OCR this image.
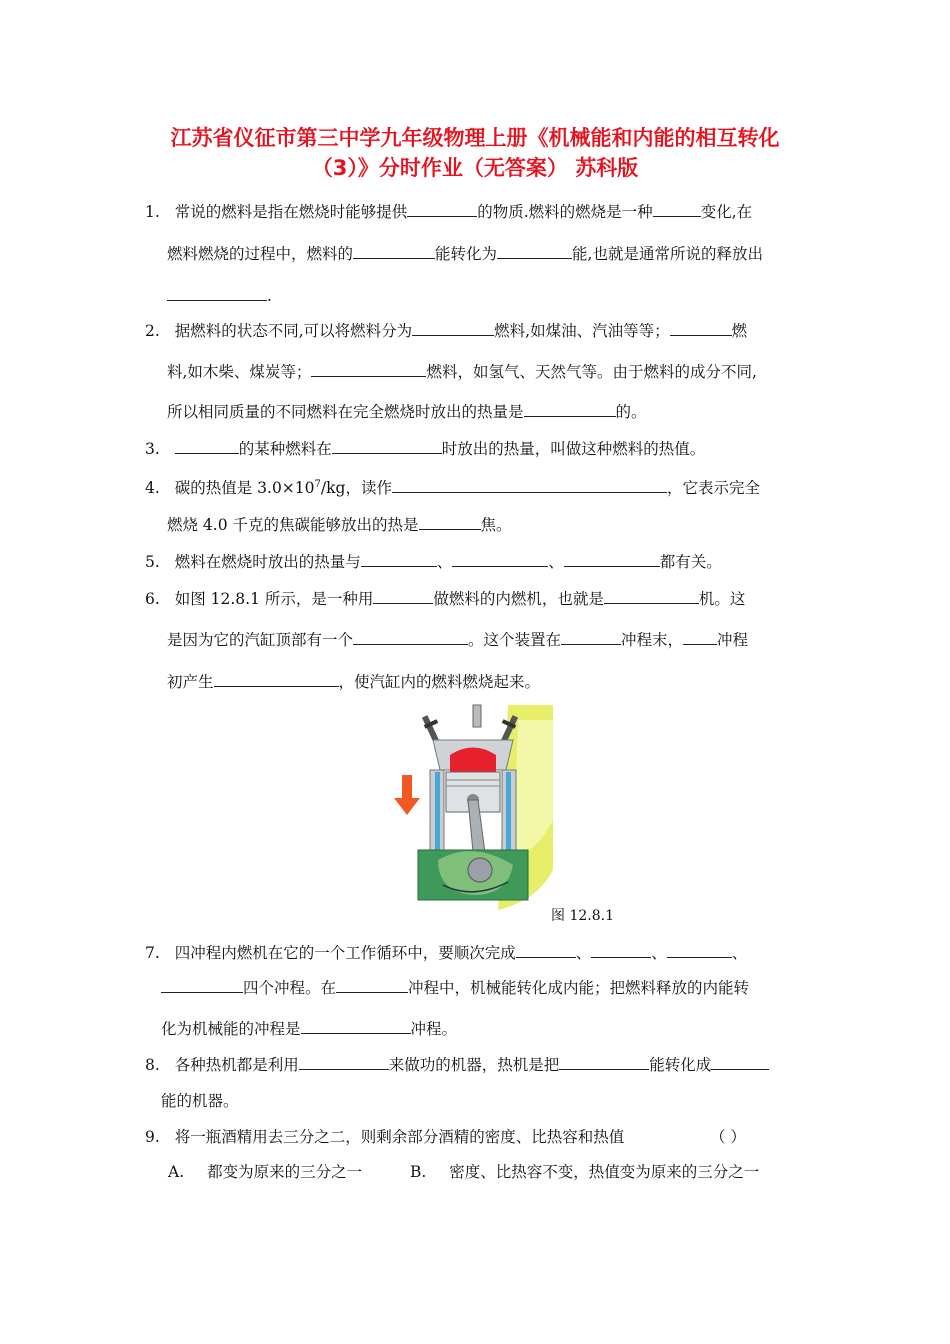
江苏省仪征市第三中学九年级物理上册《机械能和内能的相互转化
（3）》分时作业（无答案） 苏科版
1. 常说的燃料是指在燃烧时能够提供	的物质.燃料的燃烧是一种	变化,在
燃料燃烧的过程中，燃料的	能转化为	能,也就是通常所说的释放出
.
2. 据燃料的状态不同,可以将燃料分为	燃料,如煤油、汽油等等；	燃
料,如木柴、煤炭等；	燃料，如氢气、天然气等。由于燃料的成分不同,
所以相同质量的不同燃料在完全燃烧时放出的热量是	的。
3.	的某种燃料在	时放出的热量，叫做这种燃料的热值。
4. 碳的热值是 $3.0\times 10^7/kg$，读作	，它表示完全
燃烧 4.0 千克的焦碳能够放出的热是	焦。
5. 燃料在燃烧时放出的热量与	、	、	都有关。
6. 如图 12.8.1 所示，是一种用	做燃料的内燃机，也就是	机。这
是因为它的汽缸顶部有一个	。这个装置在	冲程末， 冲程
初产生	，使汽缸内的燃料燃烧起来。
图 12.8.1
7. 四冲程内燃机在它的一个工作循环中，要顺次完成	、	、	、
四个冲程。在	冲程中，机械能转化成内能；把燃料释放的内能转
化为机械能的冲程是	冲程。
8. 各种热机都是利用	来做功的机器，热机是把	能转化成
能的机器。
9. 将一瓶酒精用去三分之二，则剩余部分酒精的密度、比热容和热值	（ ）
A. 都变为原来的三分之一	B. 密度、比热容不变，热值变为原来的三分之一
